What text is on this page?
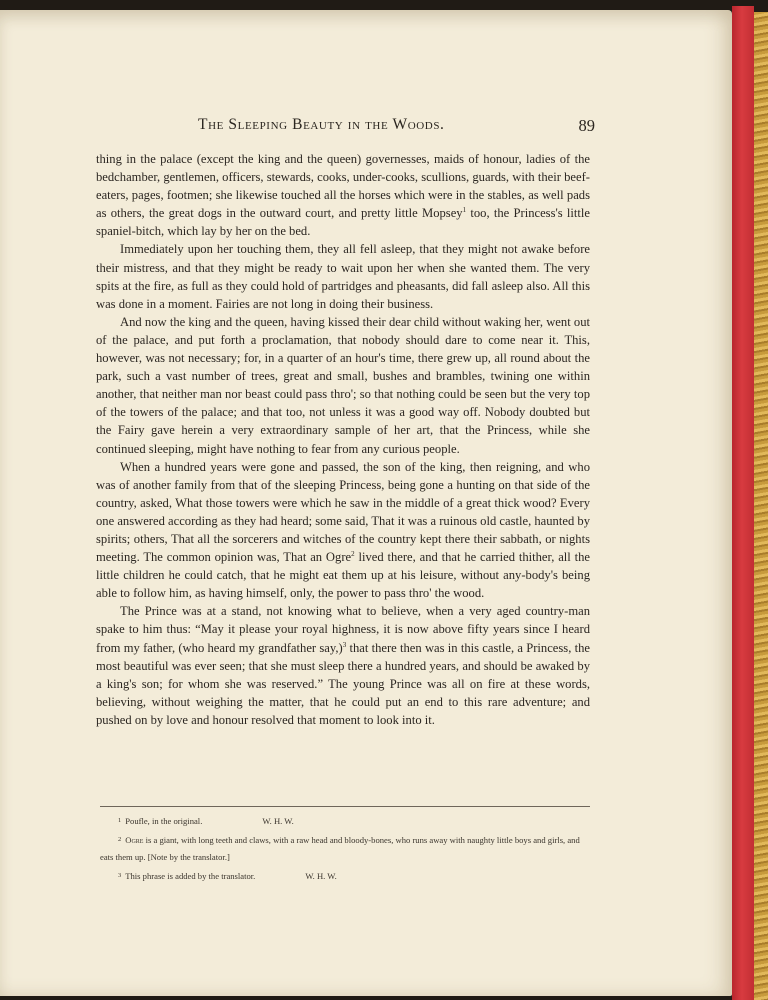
The Sleeping Beauty in the Woods.	89

thing in the palace (except the king and the queen) governesses, maids of honour, ladies of the bedchamber, gentlemen, officers, stewards, cooks, under-cooks, scullions, guards, with their beef-eaters, pages, footmen; she likewise touched all the horses which were in the stables, as well pads as others, the great dogs in the outward court, and pretty little Mopsey$^1$ too, the Princess's little spaniel-bitch, which lay by her on the bed.

Immediately upon her touching them, they all fell asleep, that they might not awake before their mistress, and that they might be ready to wait upon her when she wanted them. The very spits at the fire, as full as they could hold of partridges and pheasants, did fall asleep also. All this was done in a moment. Fairies are not long in doing their business.

And now the king and the queen, having kissed their dear child without waking her, went out of the palace, and put forth a proclamation, that nobody should dare to come near it. This, however, was not necessary; for, in a quarter of an hour's time, there grew up, all round about the park, such a vast number of trees, great and small, bushes and brambles, twining one within another, that neither man nor beast could pass thro'; so that nothing could be seen but the very top of the towers of the palace; and that too, not unless it was a good way off. Nobody doubted but the Fairy gave herein a very extraordinary sample of her art, that the Princess, while she continued sleeping, might have nothing to fear from any curious people.

When a hundred years were gone and passed, the son of the king, then reigning, and who was of another family from that of the sleeping Princess, being gone a hunting on that side of the country, asked, What those towers were which he saw in the middle of a great thick wood? Every one answered according as they had heard; some said, That it was a ruinous old castle, haunted by spirits; others, That all the sorcerers and witches of the country kept there their sabbath, or nights meeting. The common opinion was, That an Ogre$^2$ lived there, and that he carried thither, all the little children he could catch, that he might eat them up at his leisure, without any-body's being able to follow him, as having himself, only, the power to pass thro' the wood.

The Prince was at a stand, not knowing what to believe, when a very aged country-man spake to him thus: “May it please your royal highness, it is now above fifty years since I heard from my father, (who heard my grandfather say,)$^3$ that there then was in this castle, a Princess, the most beautiful was ever seen; that she must sleep there a hundred years, and should be awaked by a king's son; for whom she was reserved.” The young Prince was all on fire at these words, believing, without weighing the matter, that he could put an end to this rare adventure; and pushed on by love and honour resolved that moment to look into it.

$^1$ Poufle, in the original.	W. H. W.

$^2$ Ogre is a giant, with long teeth and claws, with a raw head and bloody-bones, who runs away with naughty little boys and girls, and eats them up. [Note by the translator.]

$^3$ This phrase is added by the translator.	W. H. W.
